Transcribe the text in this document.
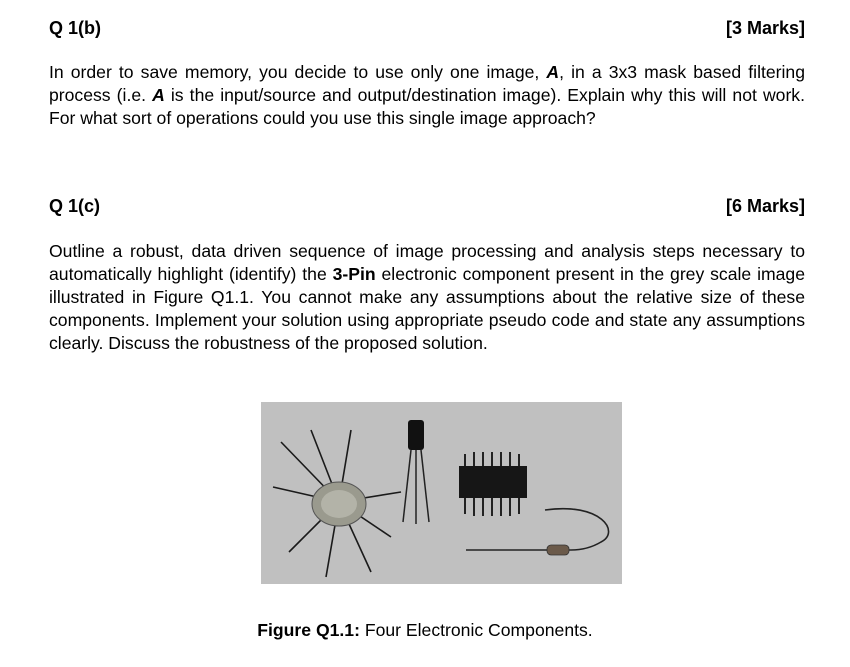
Q 1(b)	[3 Marks]
In order to save memory, you decide to use only one image, A, in a 3x3 mask based filtering process (i.e. A is the input/source and output/destination image). Explain why this will not work. For what sort of operations could you use this single image approach?
Q 1(c)	[6 Marks]
Outline a robust, data driven sequence of image processing and analysis steps necessary to automatically highlight (identify) the 3-Pin electronic component present in the grey scale image illustrated in Figure Q1.1. You cannot make any assumptions about the relative size of these components. Implement your solution using appropriate pseudo code and state any assumptions clearly. Discuss the robustness of the proposed solution.
Figure Q1.1: Four Electronic Components.
